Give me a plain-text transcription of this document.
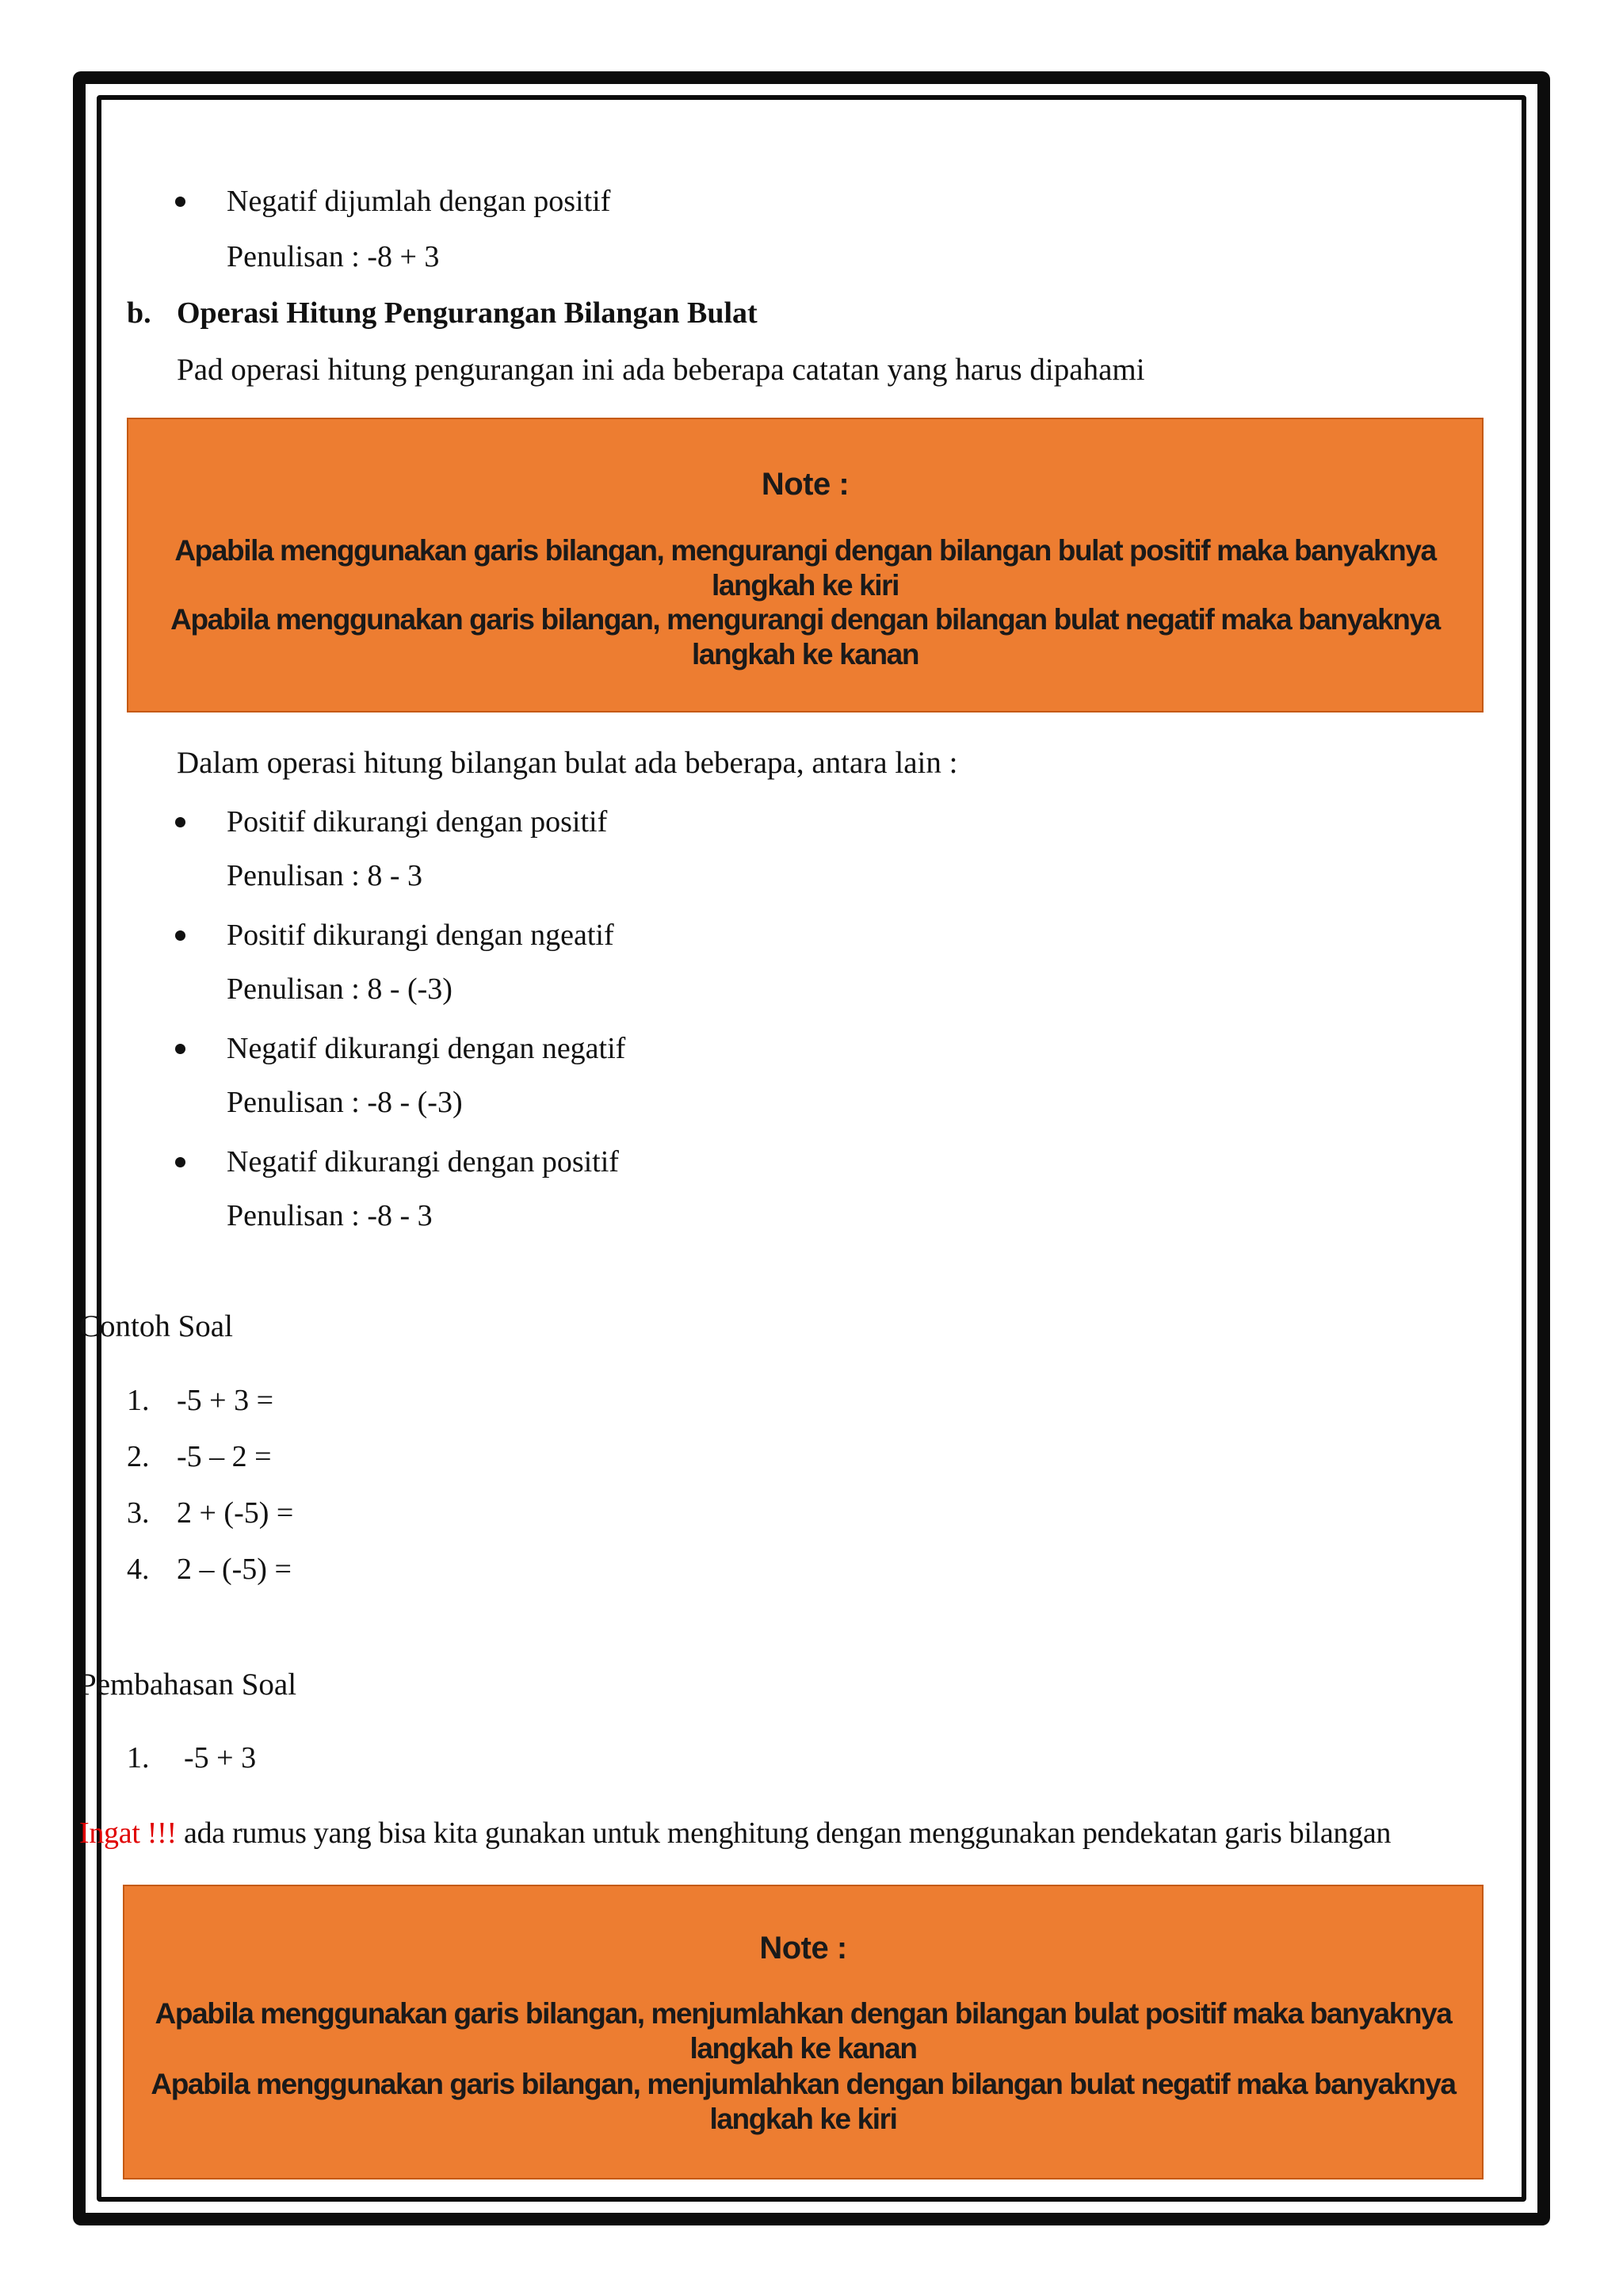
Negatif dijumlah dengan positif
Penulisan : -8 + 3
b. Operasi Hitung Pengurangan Bilangan Bulat
Pad operasi hitung pengurangan ini ada beberapa catatan yang harus dipahami
Note :
Apabila menggunakan garis bilangan, mengurangi dengan bilangan bulat positif maka banyaknya langkah ke kiri
Apabila menggunakan garis bilangan, mengurangi dengan bilangan bulat negatif maka banyaknya langkah ke kanan
Dalam operasi hitung bilangan bulat ada beberapa, antara lain :
Positif dikurangi dengan positif
Penulisan : 8 - 3
Positif dikurangi dengan ngeatif
Penulisan : 8 - (-3)
Negatif dikurangi dengan negatif
Penulisan : -8 - (-3)
Negatif dikurangi dengan positif
Penulisan : -8 - 3
Contoh Soal
1. -5 + 3 =
2. -5 – 2 =
3. 2 + (-5) =
4. 2 – (-5) =
Pembahasan Soal
1. -5 + 3
Ingat !!! ada rumus yang bisa kita gunakan untuk menghitung dengan menggunakan pendekatan garis bilangan
Note :
Apabila menggunakan garis bilangan, menjumlahkan dengan bilangan bulat positif maka banyaknya langkah ke kanan
Apabila menggunakan garis bilangan, menjumlahkan dengan bilangan bulat negatif maka banyaknya langkah ke kiri
